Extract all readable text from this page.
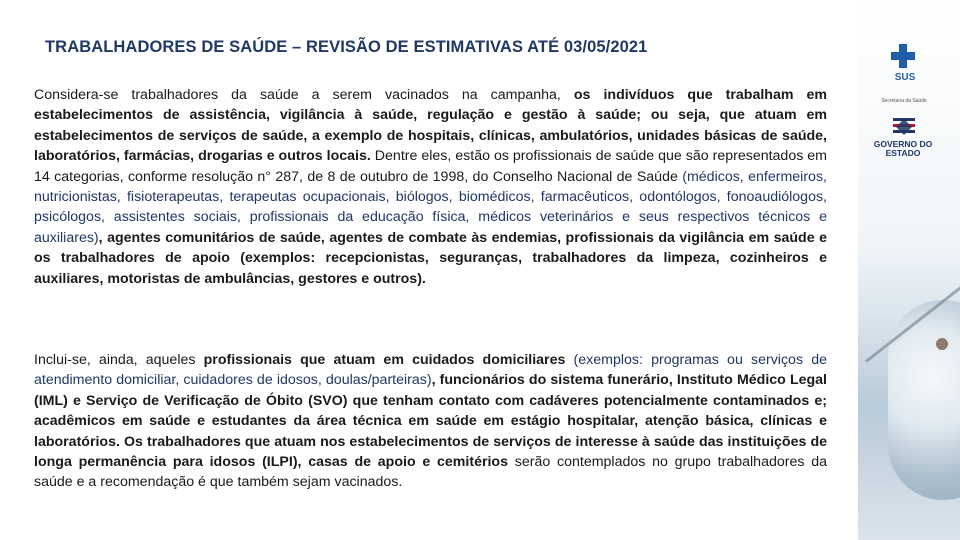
TRABALHADORES DE SAÚDE – REVISÃO DE ESTIMATIVAS ATÉ 03/05/2021

Considera-se trabalhadores da saúde a serem vacinados na campanha, os indivíduos que trabalham em estabelecimentos de assistência, vigilância à saúde, regulação e gestão à saúde; ou seja, que atuam em estabelecimentos de serviços de saúde, a exemplo de hospitais, clínicas, ambulatórios, unidades básicas de saúde, laboratórios, farmácias, drogarias e outros locais. Dentre eles, estão os profissionais de saúde que são representados em 14 categorias, conforme resolução n° 287, de 8 de outubro de 1998, do Conselho Nacional de Saúde (médicos, enfermeiros, nutricionistas, fisioterapeutas, terapeutas ocupacionais, biólogos, biomédicos, farmacêuticos, odontólogos, fonoaudiólogos, psicólogos, assistentes sociais, profissionais da educação física, médicos veterinários e seus respectivos técnicos e auxiliares), agentes comunitários de saúde, agentes de combate às endemias, profissionais da vigilância em saúde e os trabalhadores de apoio (exemplos: recepcionistas, seguranças, trabalhadores da limpeza, cozinheiros e auxiliares, motoristas de ambulâncias, gestores e outros).

Inclui-se, ainda, aqueles profissionais que atuam em cuidados domiciliares (exemplos: programas ou serviços de atendimento domiciliar, cuidadores de idosos, doulas/parteiras), funcionários do sistema funerário, Instituto Médico Legal (IML) e Serviço de Verificação de Óbito (SVO) que tenham contato com cadáveres potencialmente contaminados e; acadêmicos em saúde e estudantes da área técnica em saúde em estágio hospitalar, atenção básica, clínicas e laboratórios. Os trabalhadores que atuam nos estabelecimentos de serviços de interesse à saúde das instituições de longa permanência para idosos (ILPI), casas de apoio e cemitérios serão contemplados no grupo trabalhadores da saúde e a recomendação é que também sejam vacinados.

SUS
Secretaria da Saúde
GOVERNO DO ESTADO
